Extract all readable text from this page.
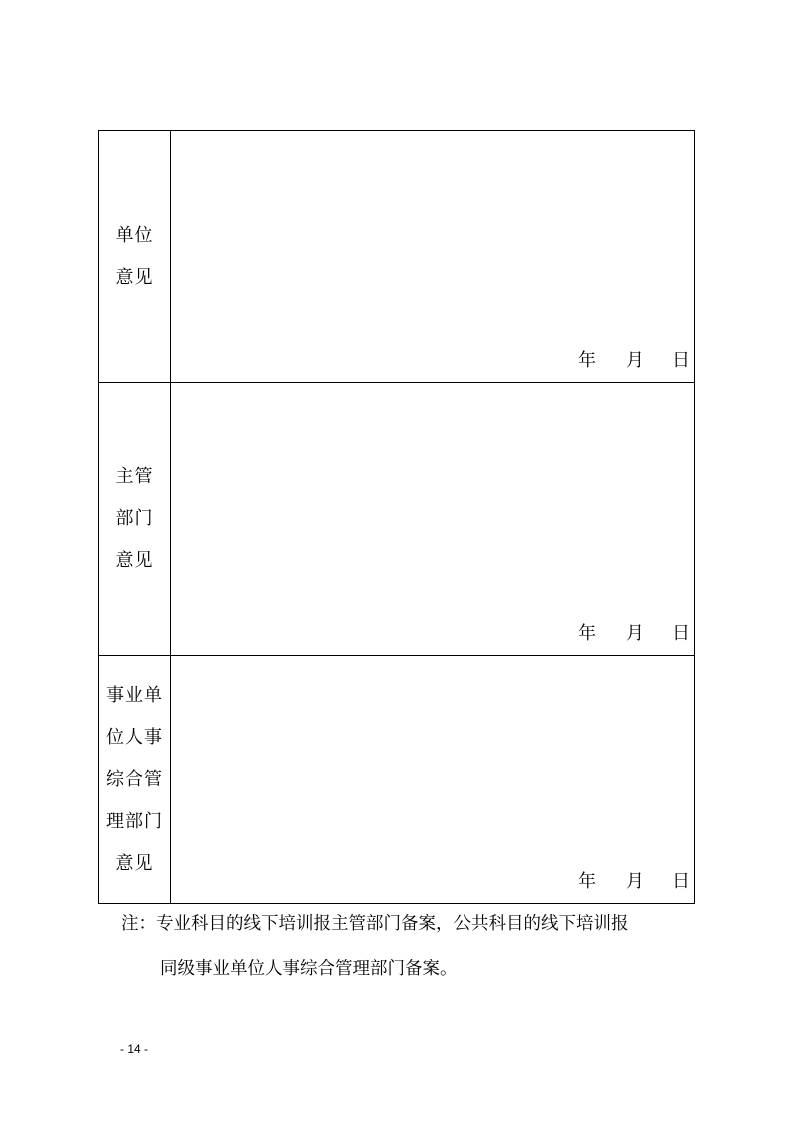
单位
意见
年	月	日
主管
部门
意见
年	月	日
事业单
位人事
综合管
理部门
意见
年	月	日
注：专业科目的线下培训报主管部门备案，公共科目的线下培训报
同级事业单位人事综合管理部门备案。
- 14 -
